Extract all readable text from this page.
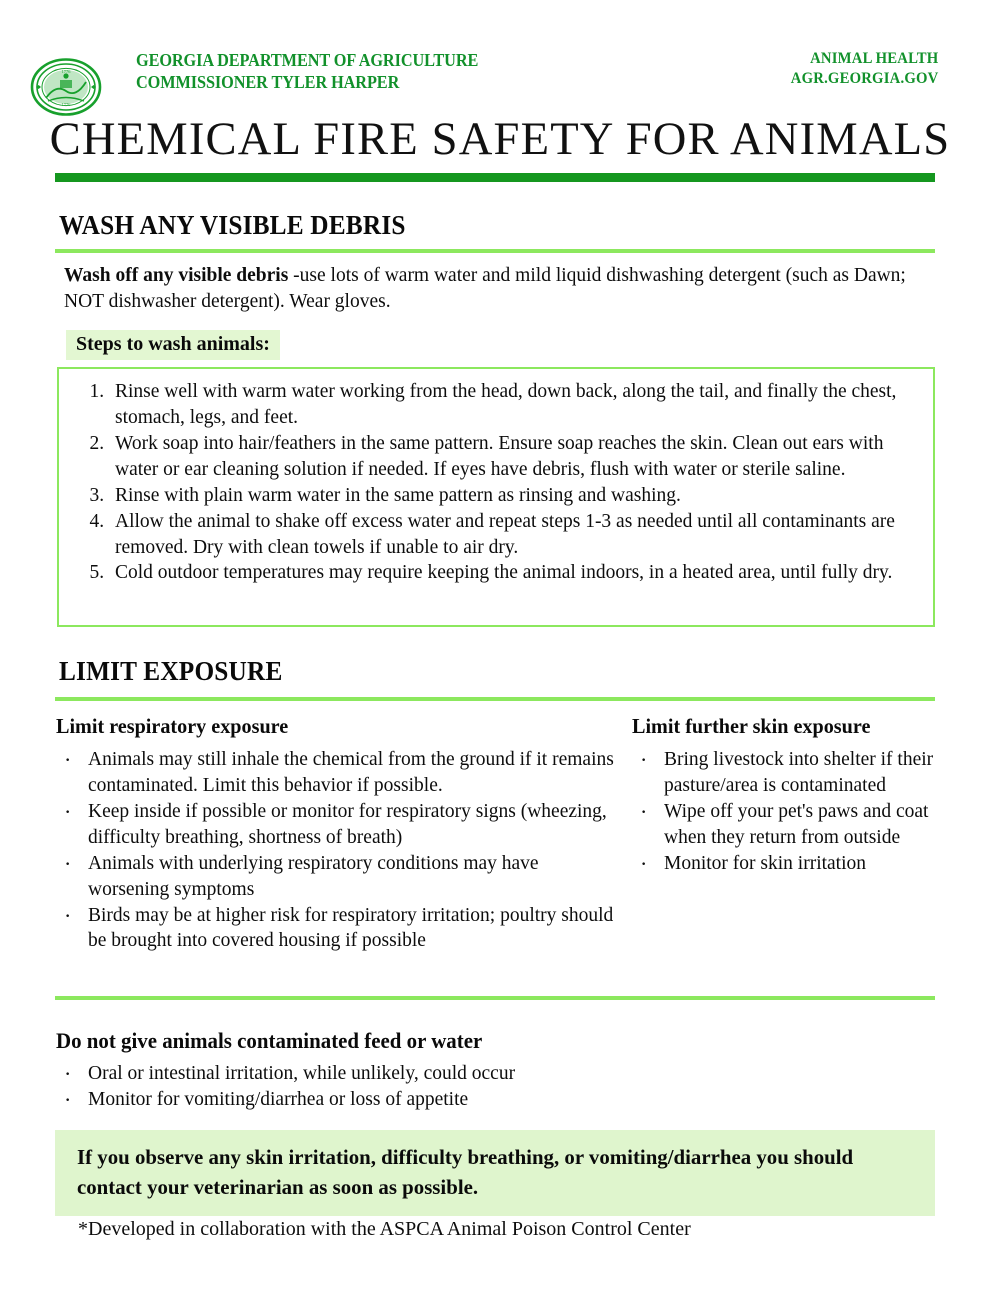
1776
1776
GEORGIA DEPARTMENT OF AGRICULTURE
COMMISSIONER TYLER HARPER
ANIMAL HEALTH
AGR.GEORGIA.GOV
CHEMICAL FIRE SAFETY FOR ANIMALS
WASH ANY VISIBLE DEBRIS
Wash off any visible debris -use lots of warm water and mild liquid dishwashing detergent (such as Dawn; NOT dishwasher detergent). Wear gloves.
Steps to wash animals:
1. Rinse well with warm water working from the head, down back, along the tail, and finally the chest, stomach, legs, and feet.
2. Work soap into hair/feathers in the same pattern. Ensure soap reaches the skin. Clean out ears with water or ear cleaning solution if needed. If eyes have debris, flush with water or sterile saline.
3. Rinse with plain warm water in the same pattern as rinsing and washing.
4. Allow the animal to shake off excess water and repeat steps 1-3 as needed until all contaminants are removed. Dry with clean towels if unable to air dry.
5. Cold outdoor temperatures may require keeping the animal indoors, in a heated area, until fully dry.
LIMIT EXPOSURE
Limit respiratory exposure
· Animals may still inhale the chemical from the ground if it remains contaminated. Limit this behavior if possible.
· Keep inside if possible or monitor for respiratory signs (wheezing, difficulty breathing, shortness of breath)
· Animals with underlying respiratory conditions may have worsening symptoms
· Birds may be at higher risk for respiratory irritation; poultry should be brought into covered housing if possible
Limit further skin exposure
· Bring livestock into shelter if their pasture/area is contaminated
· Wipe off your pet's paws and coat when they return from outside
· Monitor for skin irritation
Do not give animals contaminated feed or water
· Oral or intestinal irritation, while unlikely, could occur
· Monitor for vomiting/diarrhea or loss of appetite
If you observe any skin irritation, difficulty breathing, or vomiting/diarrhea you should contact your veterinarian as soon as possible.
*Developed in collaboration with the ASPCA Animal Poison Control Center
